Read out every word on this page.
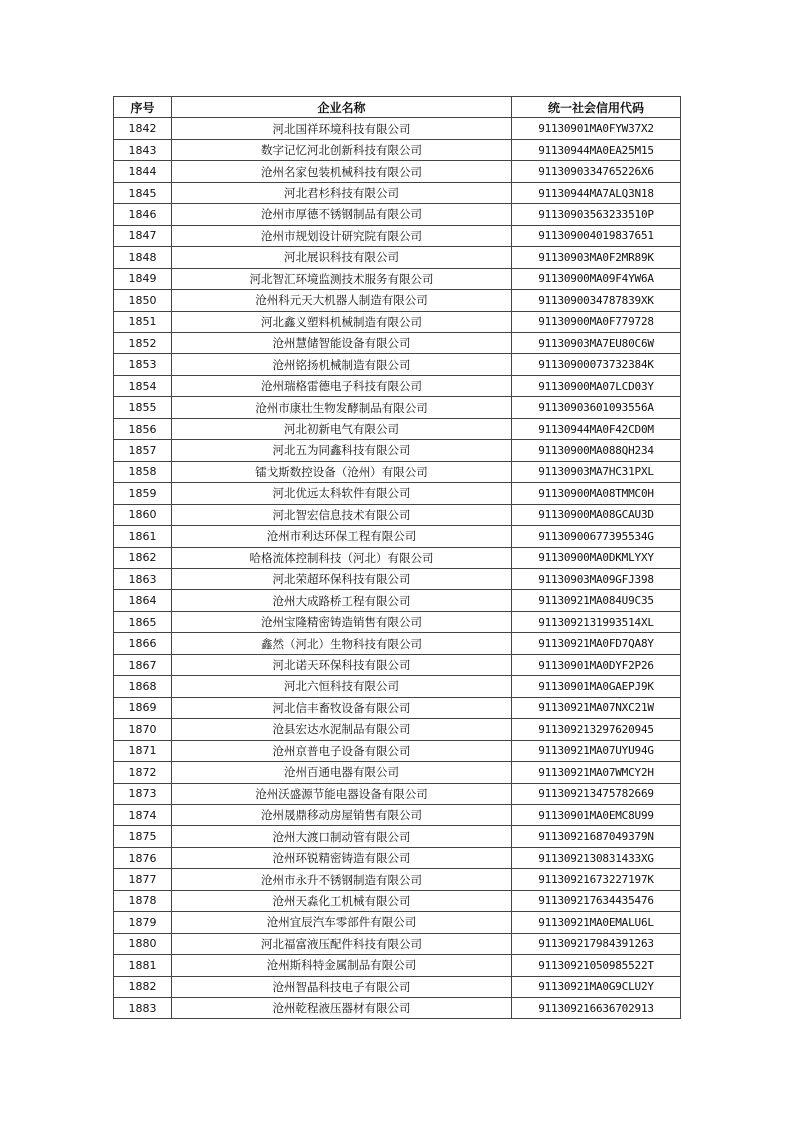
序号	企业名称	统一社会信用代码
1842	河北国祥环境科技有限公司	91130901MA0FYW37X2
1843	数字记忆河北创新科技有限公司	91130944MA0EA25M15
1844	沧州名家包装机械科技有限公司	9113090334765226X6
1845	河北君杉科技有限公司	91130944MA7ALQ3N18
1846	沧州市厚德不锈钢制品有限公司	91130903563233510P
1847	沧州市规划设计研究院有限公司	911309004019837651
1848	河北展识科技有限公司	91130903MA0F2MR89K
1849	河北智汇环境监测技术服务有限公司	91130900MA09F4YW6A
1850	沧州科元天大机器人制造有限公司	9113090034787839XK
1851	河北鑫义塑料机械制造有限公司	91130900MA0F779728
1852	沧州慧储智能设备有限公司	91130903MA7EU80C6W
1853	沧州铭扬机械制造有限公司	91130900073732384K
1854	沧州瑞格雷德电子科技有限公司	91130900MA07LCD03Y
1855	沧州市康壮生物发酵制品有限公司	91130903601093556A
1856	河北初新电气有限公司	91130944MA0F42CD0M
1857	河北五为同鑫科技有限公司	91130900MA088QH234
1858	镭戈斯数控设备（沧州）有限公司	91130903MA7HC31PXL
1859	河北优远太科软件有限公司	91130900MA08TMMC0H
1860	河北智宏信息技术有限公司	91130900MA08GCAU3D
1861	沧州市利达环保工程有限公司	91130900677395534G
1862	哈格流体控制科技（河北）有限公司	91130900MA0DKMLYXY
1863	河北荣超环保科技有限公司	91130903MA09GFJ398
1864	沧州大成路桥工程有限公司	91130921MA084U9C35
1865	沧州宝隆精密铸造销售有限公司	9113092131993514XL
1866	鑫然（河北）生物科技有限公司	91130921MA0FD7QA8Y
1867	河北诺天环保科技有限公司	91130901MA0DYF2P26
1868	河北六恒科技有限公司	91130901MA0GAEPJ9K
1869	河北信丰畜牧设备有限公司	91130921MA07NXC21W
1870	沧县宏达水泥制品有限公司	911309213297620945
1871	沧州京普电子设备有限公司	91130921MA07UYU94G
1872	沧州百通电器有限公司	91130921MA07WMCY2H
1873	沧州沃盛源节能电器设备有限公司	911309213475782669
1874	沧州晟鼎移动房屋销售有限公司	91130901MA0EMC8U99
1875	沧州大渡口制动管有限公司	91130921687049379N
1876	沧州环锐精密铸造有限公司	9113092130831433XG
1877	沧州市永升不锈钢制造有限公司	91130921673227197K
1878	沧州天淼化工机械有限公司	911309217634435476
1879	沧州宜辰汽车零部件有限公司	91130921MA0EMALU6L
1880	河北福富液压配件科技有限公司	911309217984391263
1881	沧州斯科特金属制品有限公司	91130921050985522T
1882	沧州智晶科技电子有限公司	91130921MA0G9CLU2Y
1883	沧州乾程液压器材有限公司	911309216636702913
